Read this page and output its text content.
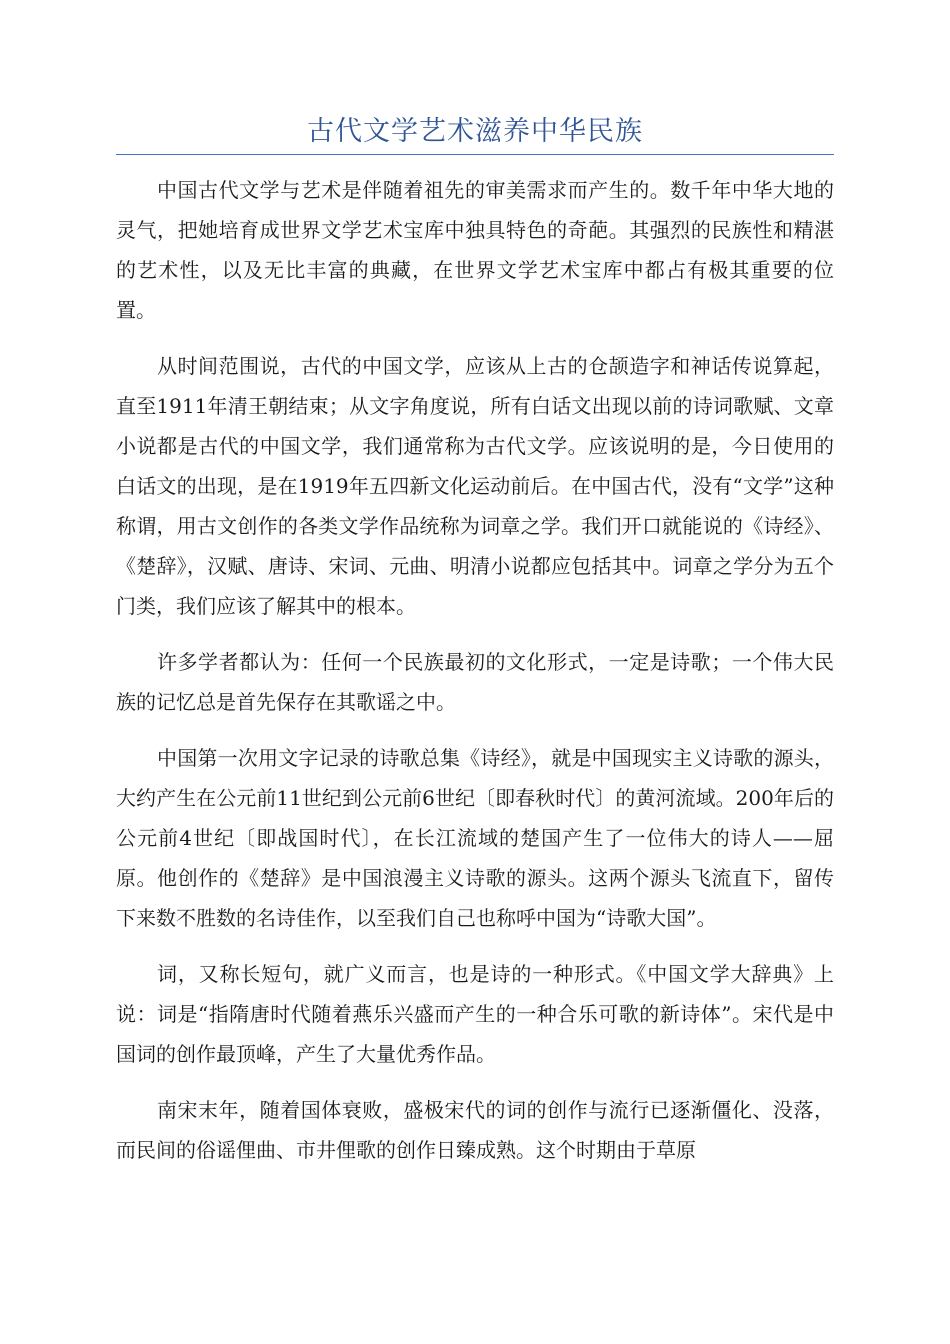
古代文学艺术滋养中华民族

中国古代文学与艺术是伴随着祖先的审美需求而产生的。数千年中华大地的灵气，把她培育成世界文学艺术宝库中独具特色的奇葩。其强烈的民族性和精湛的艺术性，以及无比丰富的典藏，在世界文学艺术宝库中都占有极其重要的位置。

从时间范围说，古代的中国文学，应该从上古的仓颉造字和神话传说算起，直至1911年清王朝结束；从文字角度说，所有白话文出现以前的诗词歌赋、文章小说都是古代的中国文学，我们通常称为古代文学。应该说明的是，今日使用的白话文的出现，是在1919年五四新文化运动前后。在中国古代，没有“文学”这种称谓，用古文创作的各类文学作品统称为词章之学。我们开口就能说的《诗经》、《楚辞》，汉赋、唐诗、宋词、元曲、明清小说都应包括其中。词章之学分为五个门类，我们应该了解其中的根本。

许多学者都认为：任何一个民族最初的文化形式，一定是诗歌；一个伟大民族的记忆总是首先保存在其歌谣之中。

中国第一次用文字记录的诗歌总集《诗经》，就是中国现实主义诗歌的源头，大约产生在公元前11世纪到公元前6世纪〔即春秋时代〕的黄河流域。200年后的公元前4世纪〔即战国时代〕，在长江流域的楚国产生了一位伟大的诗人——屈原。他创作的《楚辞》是中国浪漫主义诗歌的源头。这两个源头飞流直下，留传下来数不胜数的名诗佳作，以至我们自己也称呼中国为“诗歌大国”。

词，又称长短句，就广义而言，也是诗的一种形式。《中国文学大辞典》上说：词是“指隋唐时代随着燕乐兴盛而产生的一种合乐可歌的新诗体”。宋代是中国词的创作最顶峰，产生了大量优秀作品。

南宋末年，随着国体衰败，盛极宋代的词的创作与流行已逐渐僵化、没落，而民间的俗谣俚曲、市井俚歌的创作日臻成熟。这个时期由于草原
